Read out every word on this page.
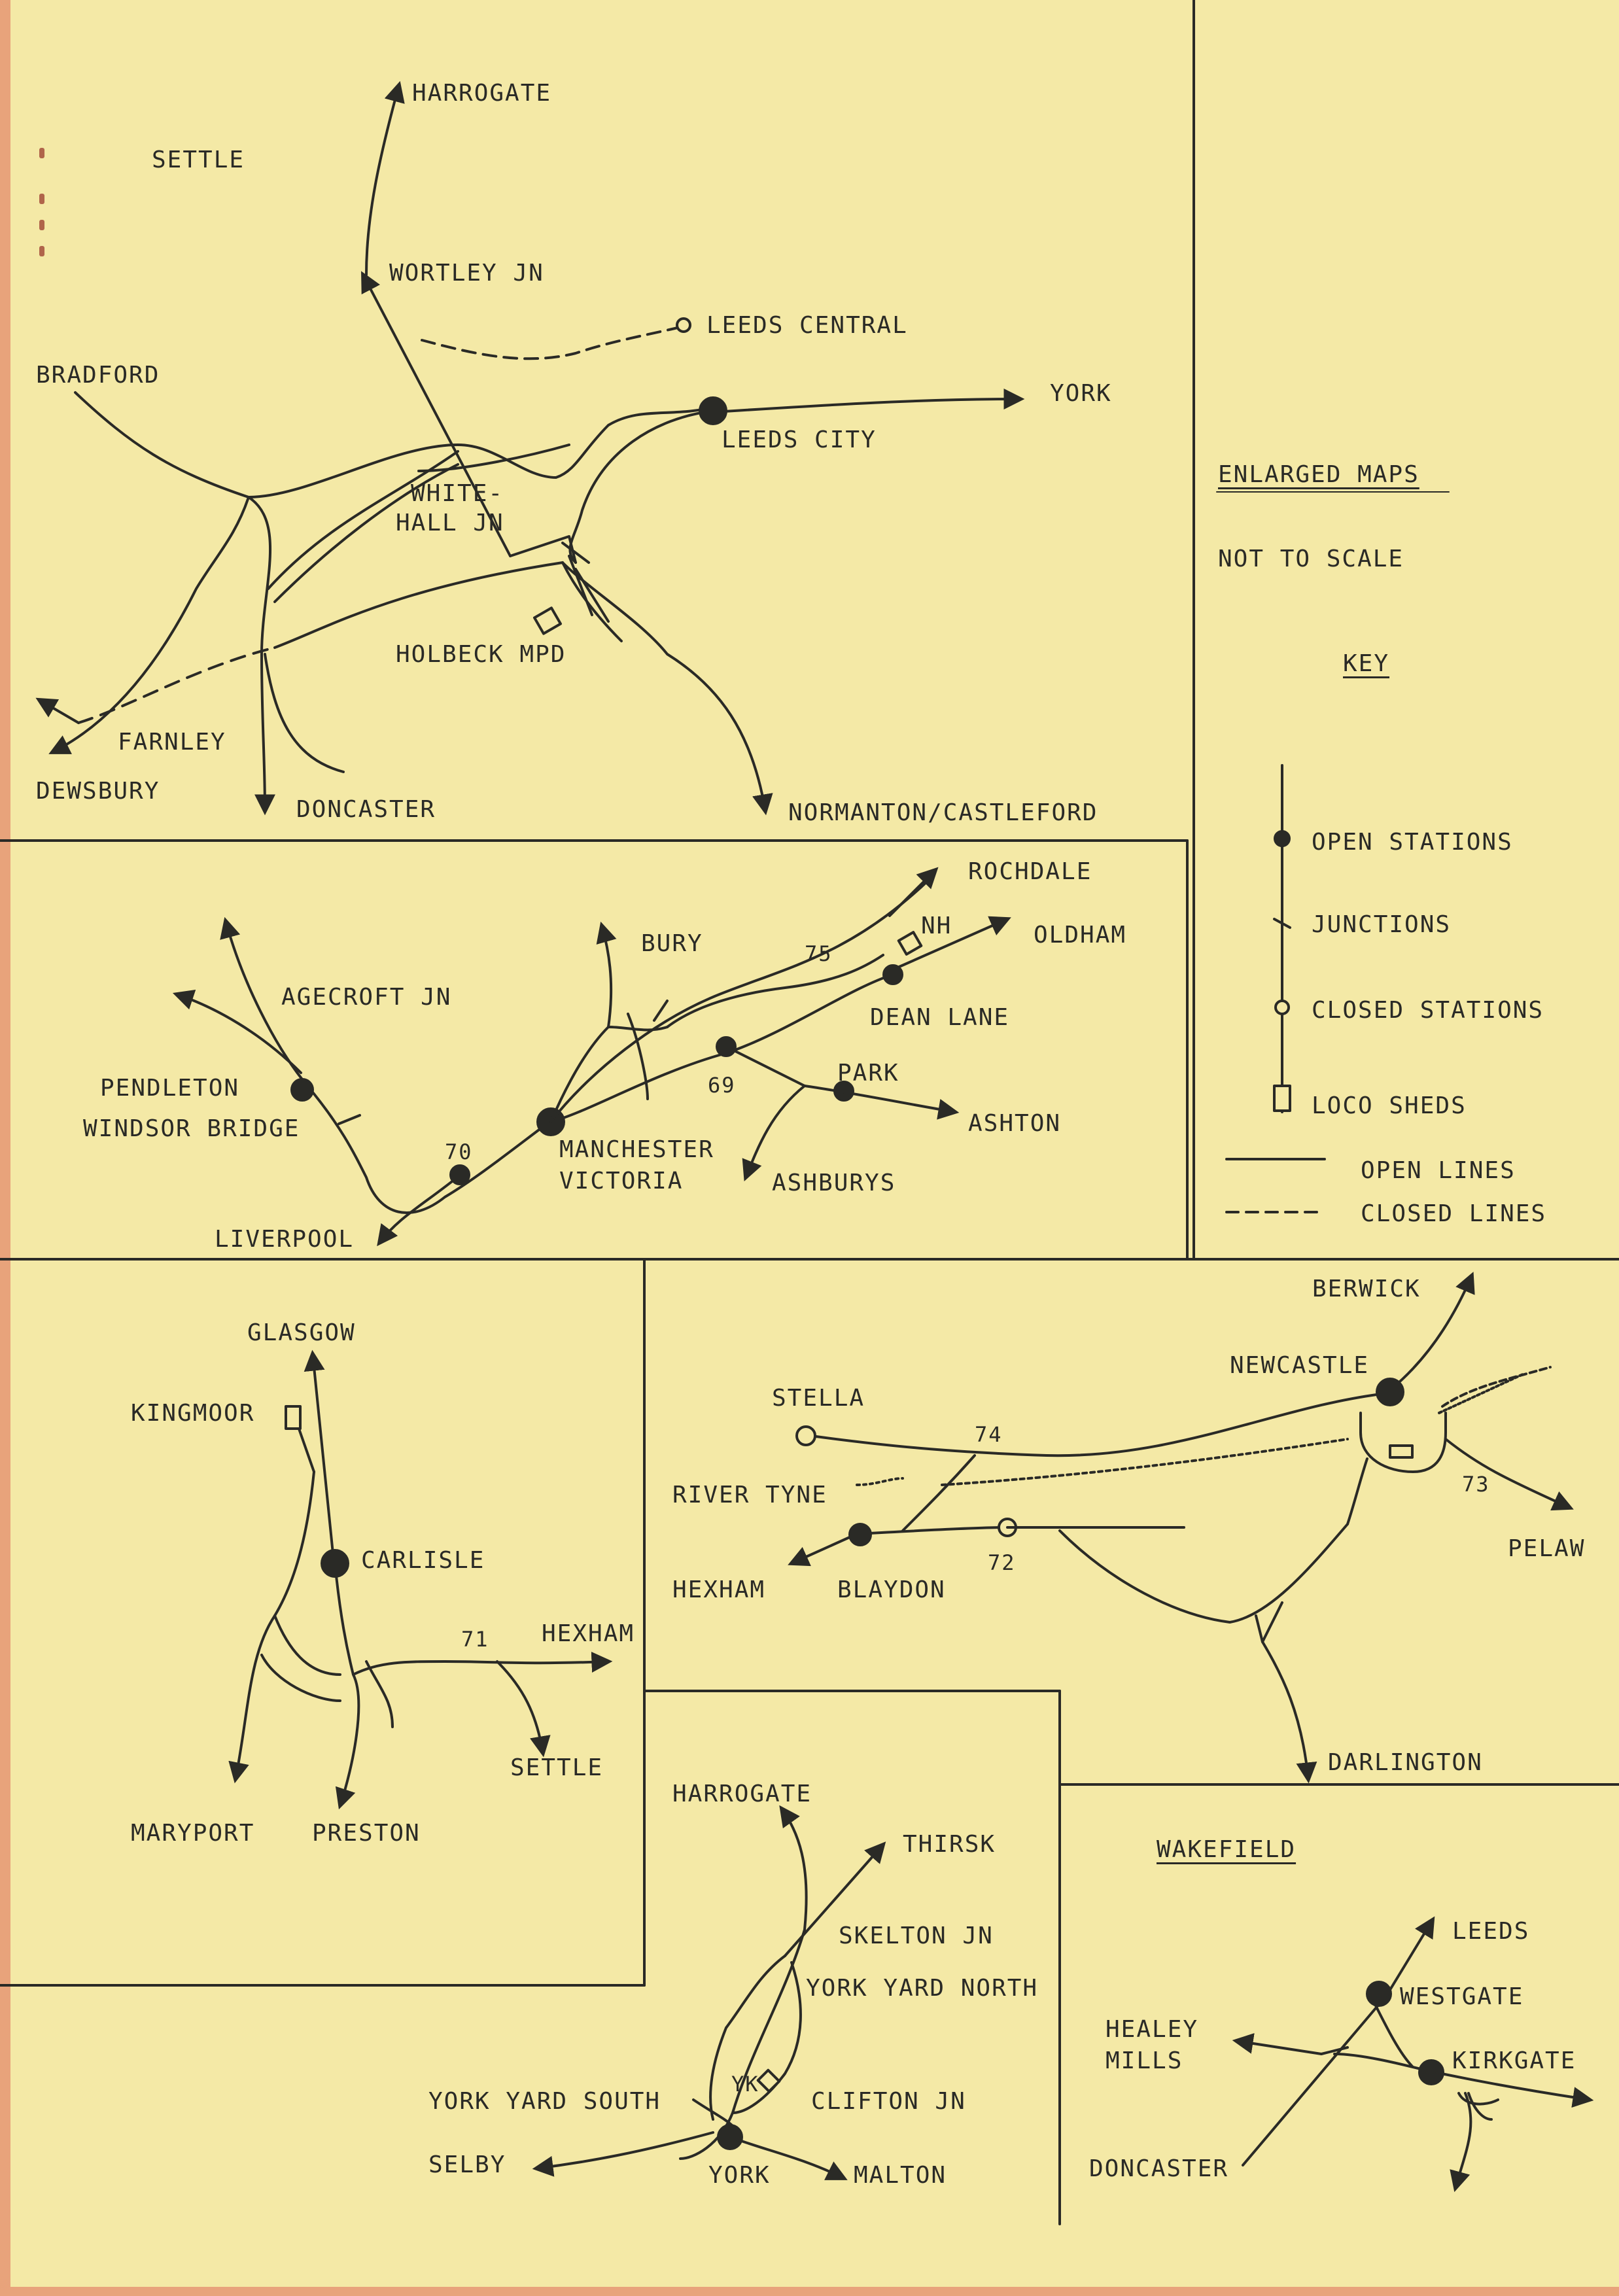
ENLARGED MAPS
NOT TO SCALE
KEY
OPEN STATIONS
JUNCTIONS
CLOSED STATIONS
LOCO SHEDS
OPEN LINES
CLOSED LINES
HARROGATE
SETTLE
WORTLEY JN
LEEDS CENTRAL
BRADFORD
YORK
LEEDS CITY
WHITE-
HALL JN
HOLBECK MPD
FARNLEY
DEWSBURY
DONCASTER	NORMANTON/CASTLEFORD
ROCHDALE
NH	OLDHAM
BURY	75
DEAN LANE
AGECROFT JN
PENDLETON
WINDSOR BRIDGE
69	PARK
ASHTON
70	MANCHESTER
VICTORIA	ASHBURYS
LIVERPOOL
GLASGOW
KINGMOOR
CARLISLE
71 HEXHAM
SETTLE
MARYPORT PRESTON
BERWICK
NEWCASTLE
STELLA
74
RIVER TYNE	73
PELAW
HEXHAM	BLAYDON
72
DARLINGTON
HARROGATE
THIRSK
SKELTON JN
YORK YARD NORTH
YORK YARD SOUTH
YK
CLIFTON JN
SELBY	YORK	MALTON
WAKEFIELD
LEEDS
WESTGATE
HEALEY
MILLS	KIRKGATE
DONCASTER
